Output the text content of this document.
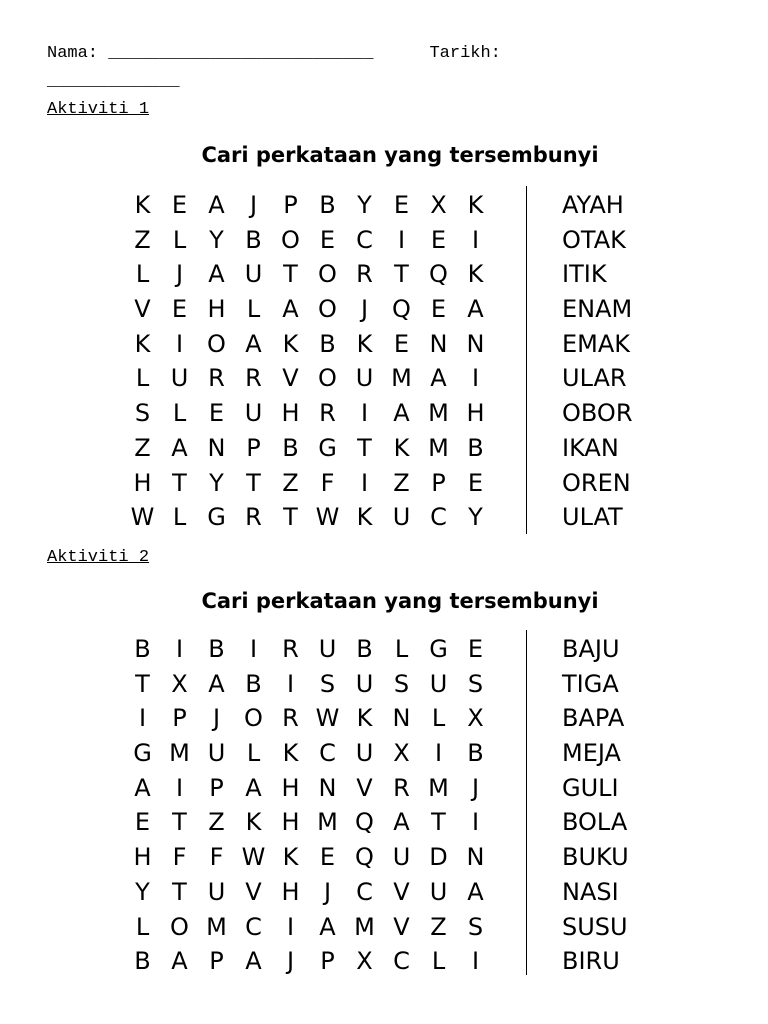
Nama: __________________________	Tarikh:
_____________
Aktiviti 1
Cari perkataan yang tersembunyi
K E A	J	P B Y E X K
Z L Y B O E C	I	E	I
L	J	A U T O R T Q K
V E H L A O	J	Q E A
K	I	O A K B K E N N
L U R R V O U M A	I
S L E U H R	I	A M H
Z A N P B G T K M B
H T Y T Z F	I	Z P E
W L G R T W K U C Y
AYAH
OTAK
ITIK
ENAM
EMAK
ULAR
OBOR
IKAN
OREN
ULAT
Aktiviti 2
Cari perkataan yang tersembunyi
B	I	B	I	R U B L G E
T X A B	I	S U S U S
I	P	J	O R W K N L X
G M U L K C U X	I	B
A	I	P A H N V R M J
E T Z K H M Q A T	I
H F F W K E Q U D N
Y T U V H	J	C V U A
L O M C	I	A M V Z S
B A P A	J	P X C L	I
BAJU
TIGA
BAPA
MEJA
GULI
BOLA
BUKU
NASI
SUSU
BIRU
